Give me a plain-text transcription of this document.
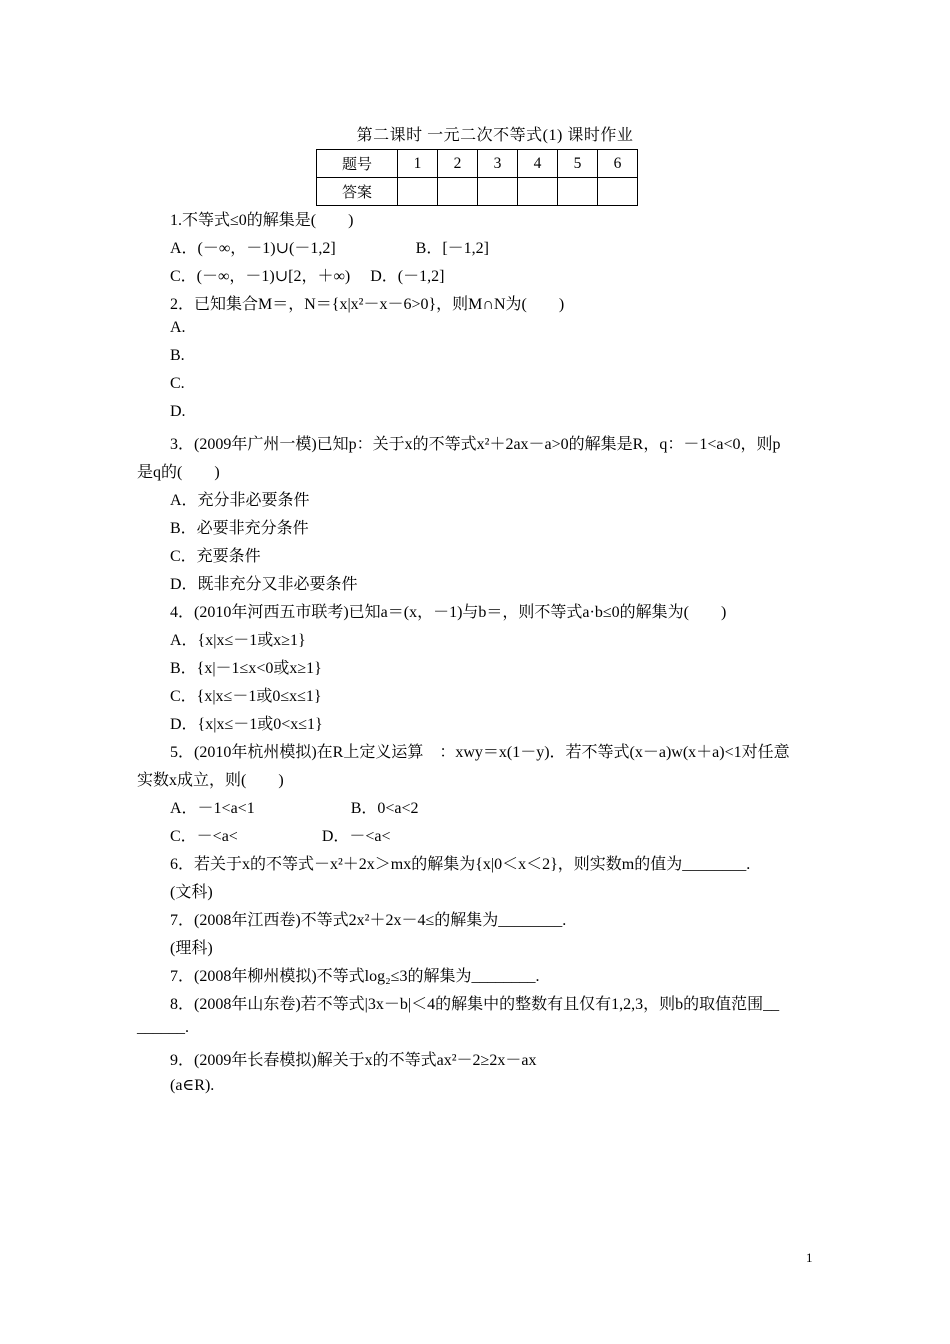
第二课时 一元二次不等式(1) 课时作业
题号	1	2	3	4	5	6
答案						
1.不等式≤0的解集是(　　)
A．(－∞，－1)∪(－1,2]　　　　　B．[－1,2]
C．(－∞，－1)∪[2，＋∞)　 D．(－1,2]
2．已知集合M＝，N＝{x|x²－x－6>0}，则M∩N为(　　)
A.
B.
C.
D.
3．(2009年广州一模)已知p：关于x的不等式x²＋2ax－a>0的解集是R，q：－1<a<0，则p
是q的(　　)
A．充分非必要条件
B．必要非充分条件
C．充要条件
D．既非充分又非必要条件
4．(2010年河西五市联考)已知a＝(x，－1)与b＝，则不等式a·b≤0的解集为(　　)
A．{x|x≤－1或x≥1}
B．{x|－1≤x<0或x≥1}
C．{x|x≤－1或0≤x≤1}
D．{x|x≤－1或0<x≤1}
5．(2010年杭州模拟)在R上定义运算　：xwy＝x(1－y)．若不等式(x－a)w(x＋a)<1对任意
实数x成立，则(　　)
A．－1<a<1　　　　　　B．0<a<2
C．－<a<　　　　　 D．－<a<
6．若关于x的不等式－x²＋2x＞mx的解集为{x|0＜x＜2}，则实数m的值为________.
(文科)
7．(2008年江西卷)不等式2x²＋2x－4≤的解集为________.
(理科)
7．(2008年柳州模拟)不等式log₂≤3的解集为________.
8．(2008年山东卷)若不等式|3x－b|＜4的解集中的整数有且仅有1,2,3，则b的取值范围__
______.
9．(2009年长春模拟)解关于x的不等式ax²－2≥2x－ax
(a∈R).
1
